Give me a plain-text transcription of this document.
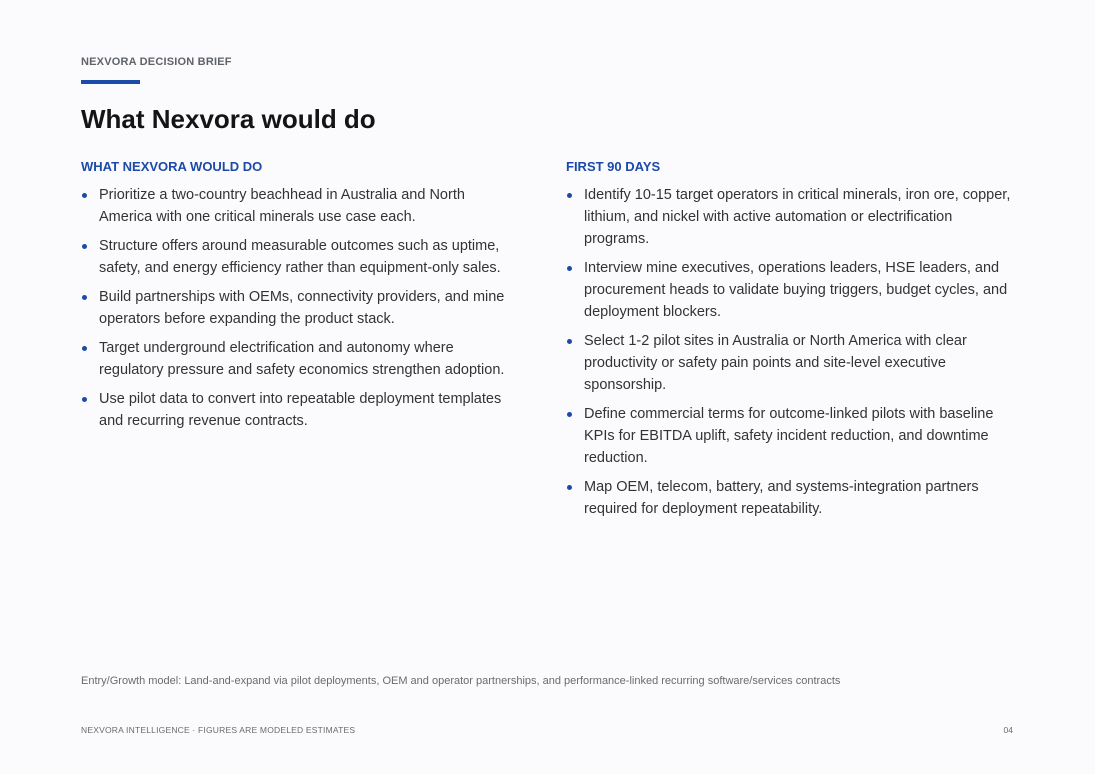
NEXVORA DECISION BRIEF
What Nexvora would do
WHAT NEXVORA WOULD DO
Prioritize a two-country beachhead in Australia and North America with one critical minerals use case each.
Structure offers around measurable outcomes such as uptime, safety, and energy efficiency rather than equipment-only sales.
Build partnerships with OEMs, connectivity providers, and mine operators before expanding the product stack.
Target underground electrification and autonomy where regulatory pressure and safety economics strengthen adoption.
Use pilot data to convert into repeatable deployment templates and recurring revenue contracts.
FIRST 90 DAYS
Identify 10-15 target operators in critical minerals, iron ore, copper, lithium, and nickel with active automation or electrification programs.
Interview mine executives, operations leaders, HSE leaders, and procurement heads to validate buying triggers, budget cycles, and deployment blockers.
Select 1-2 pilot sites in Australia or North America with clear productivity or safety pain points and site-level executive sponsorship.
Define commercial terms for outcome-linked pilots with baseline KPIs for EBITDA uplift, safety incident reduction, and downtime reduction.
Map OEM, telecom, battery, and systems-integration partners required for deployment repeatability.
Entry/Growth model: Land-and-expand via pilot deployments, OEM and operator partnerships, and performance-linked recurring software/services contracts
NEXVORA INTELLIGENCE · FIGURES ARE MODELED ESTIMATES	04
